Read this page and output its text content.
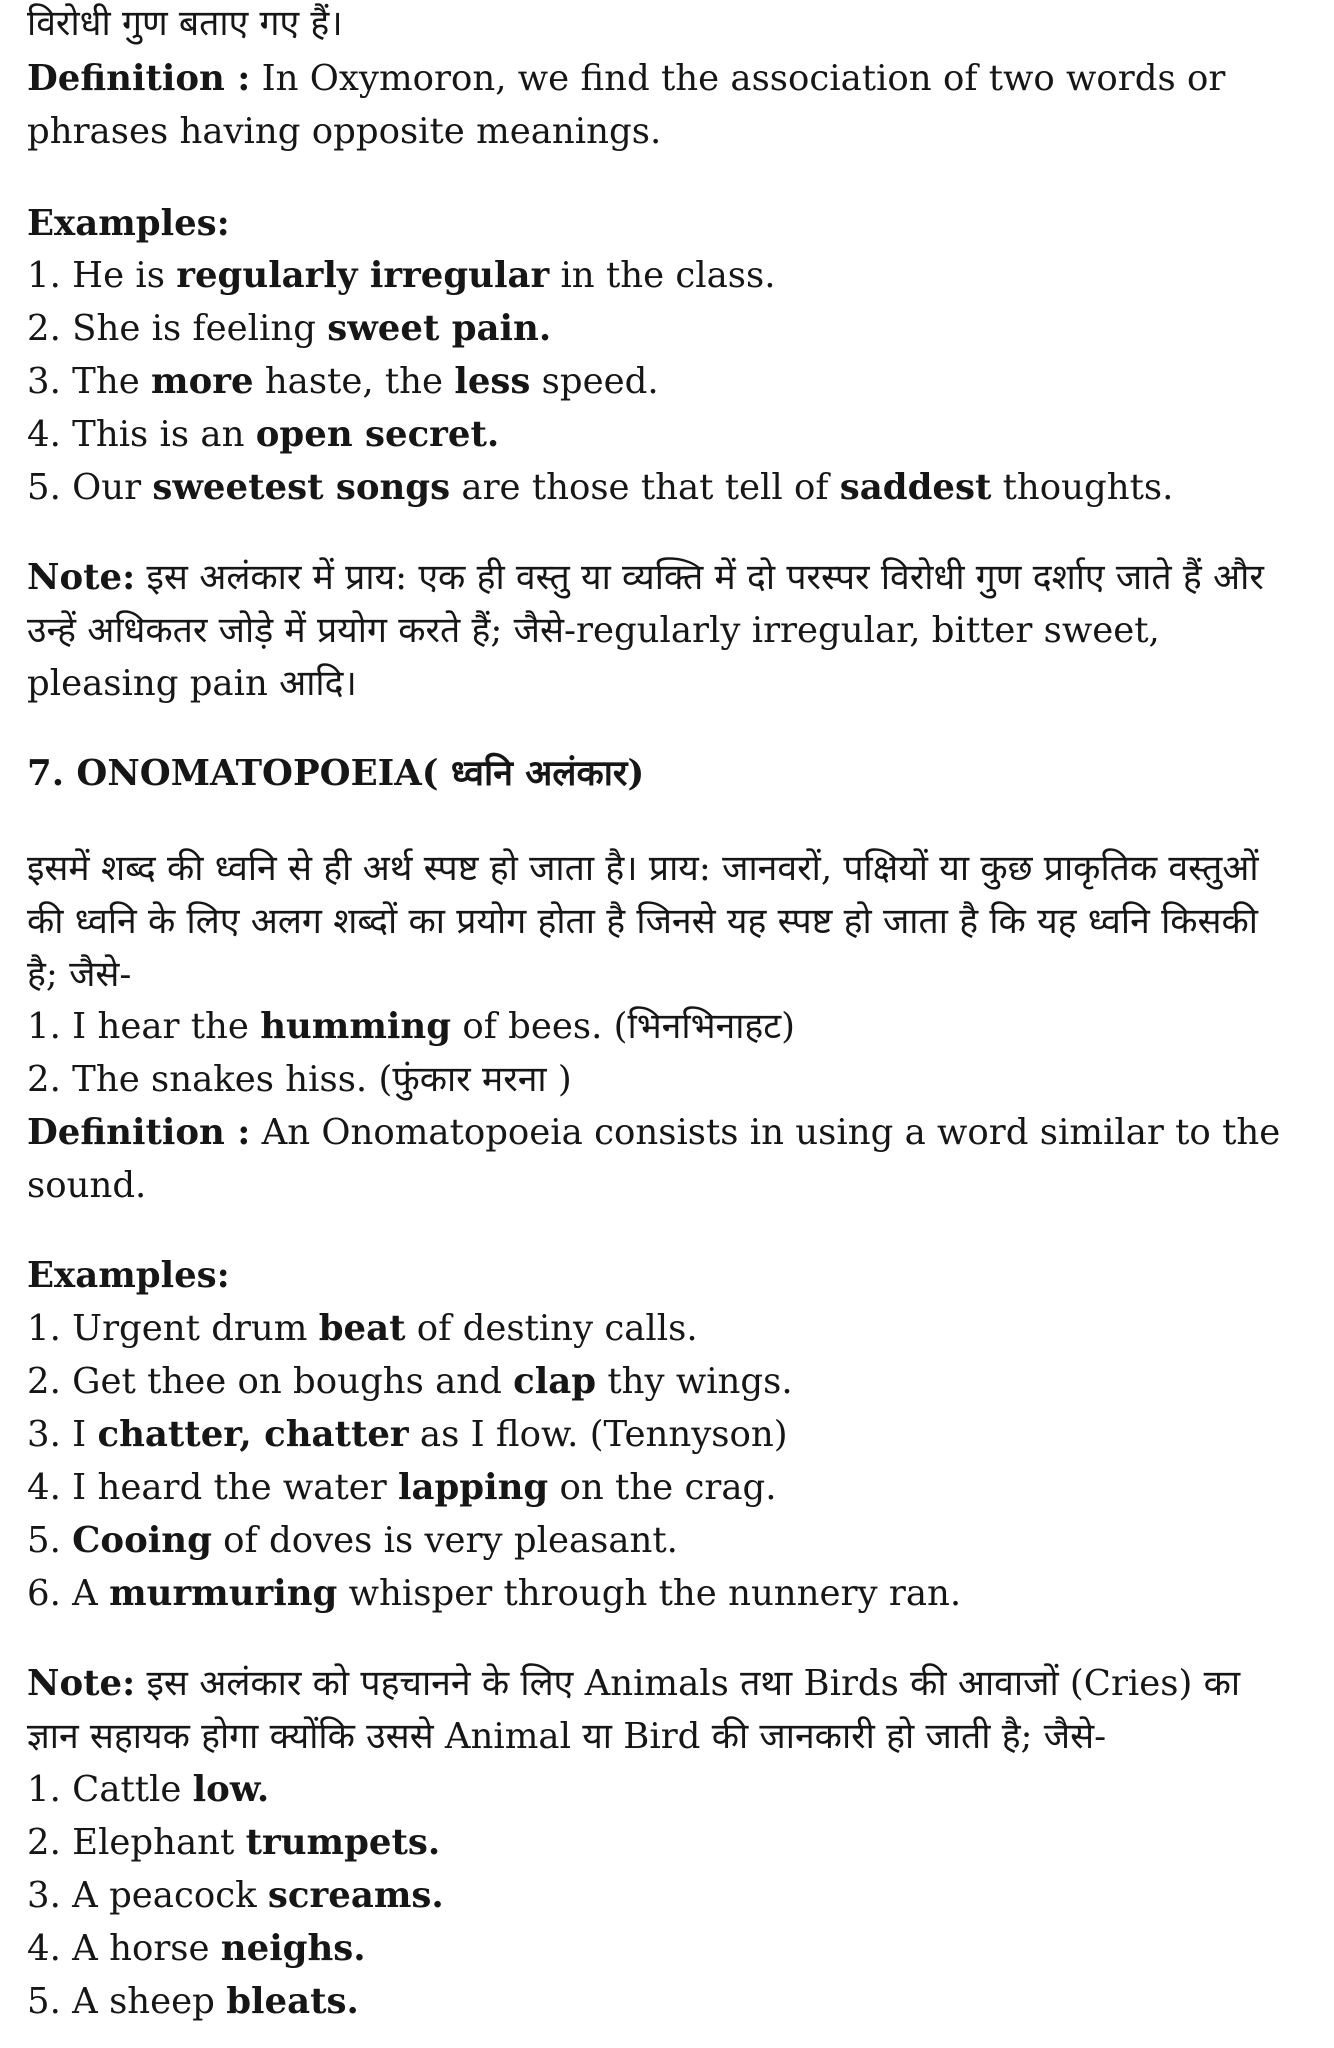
विरोधी गुण बताए गए हैं।

Definition : In Oxymoron, we find the association of two words or

phrases having opposite meanings.

Examples:

1. He is regularly irregular in the class.

2. She is feeling sweet pain.

3. The more haste, the less speed.

4. This is an open secret.

5. Our sweetest songs are those that tell of saddest thoughts.

Note: इस अलंकार में प्राय: एक ही वस्तु या व्यक्ति में दो परस्पर विरोधी गुण दर्शाए जाते हैं और

उन्हें अधिकतर जोड़े में प्रयोग करते हैं; जैसे-regularly irregular, bitter sweet,

pleasing pain आदि।

7. ONOMATOPOEIA( ध्वनि अलंकार)

इसमें शब्द की ध्वनि से ही अर्थ स्पष्ट हो जाता है। प्राय: जानवरों, पक्षियों या कुछ प्राकृतिक वस्तुओं

की ध्वनि के लिए अलग शब्दों का प्रयोग होता है जिनसे यह स्पष्ट हो जाता है कि यह ध्वनि किसकी

है; जैसे-

1. I hear the humming of bees. (भिनभिनाहट)

2. The snakes hiss. (फुंकार मरना )

Definition : An Onomatopoeia consists in using a word similar to the

sound.

Examples:

1. Urgent drum beat of destiny calls.

2. Get thee on boughs and clap thy wings.

3. I chatter, chatter as I flow. (Tennyson)

4. I heard the water lapping on the crag.

5. Cooing of doves is very pleasant.

6. A murmuring whisper through the nunnery ran.

Note: इस अलंकार को पहचानने के लिए Animals तथा Birds की आवाजों (Cries) का

ज्ञान सहायक होगा क्योंकि उससे Animal या Bird की जानकारी हो जाती है; जैसे-

1. Cattle low.

2. Elephant trumpets.

3. A peacock screams.

4. A horse neighs.

5. A sheep bleats.
